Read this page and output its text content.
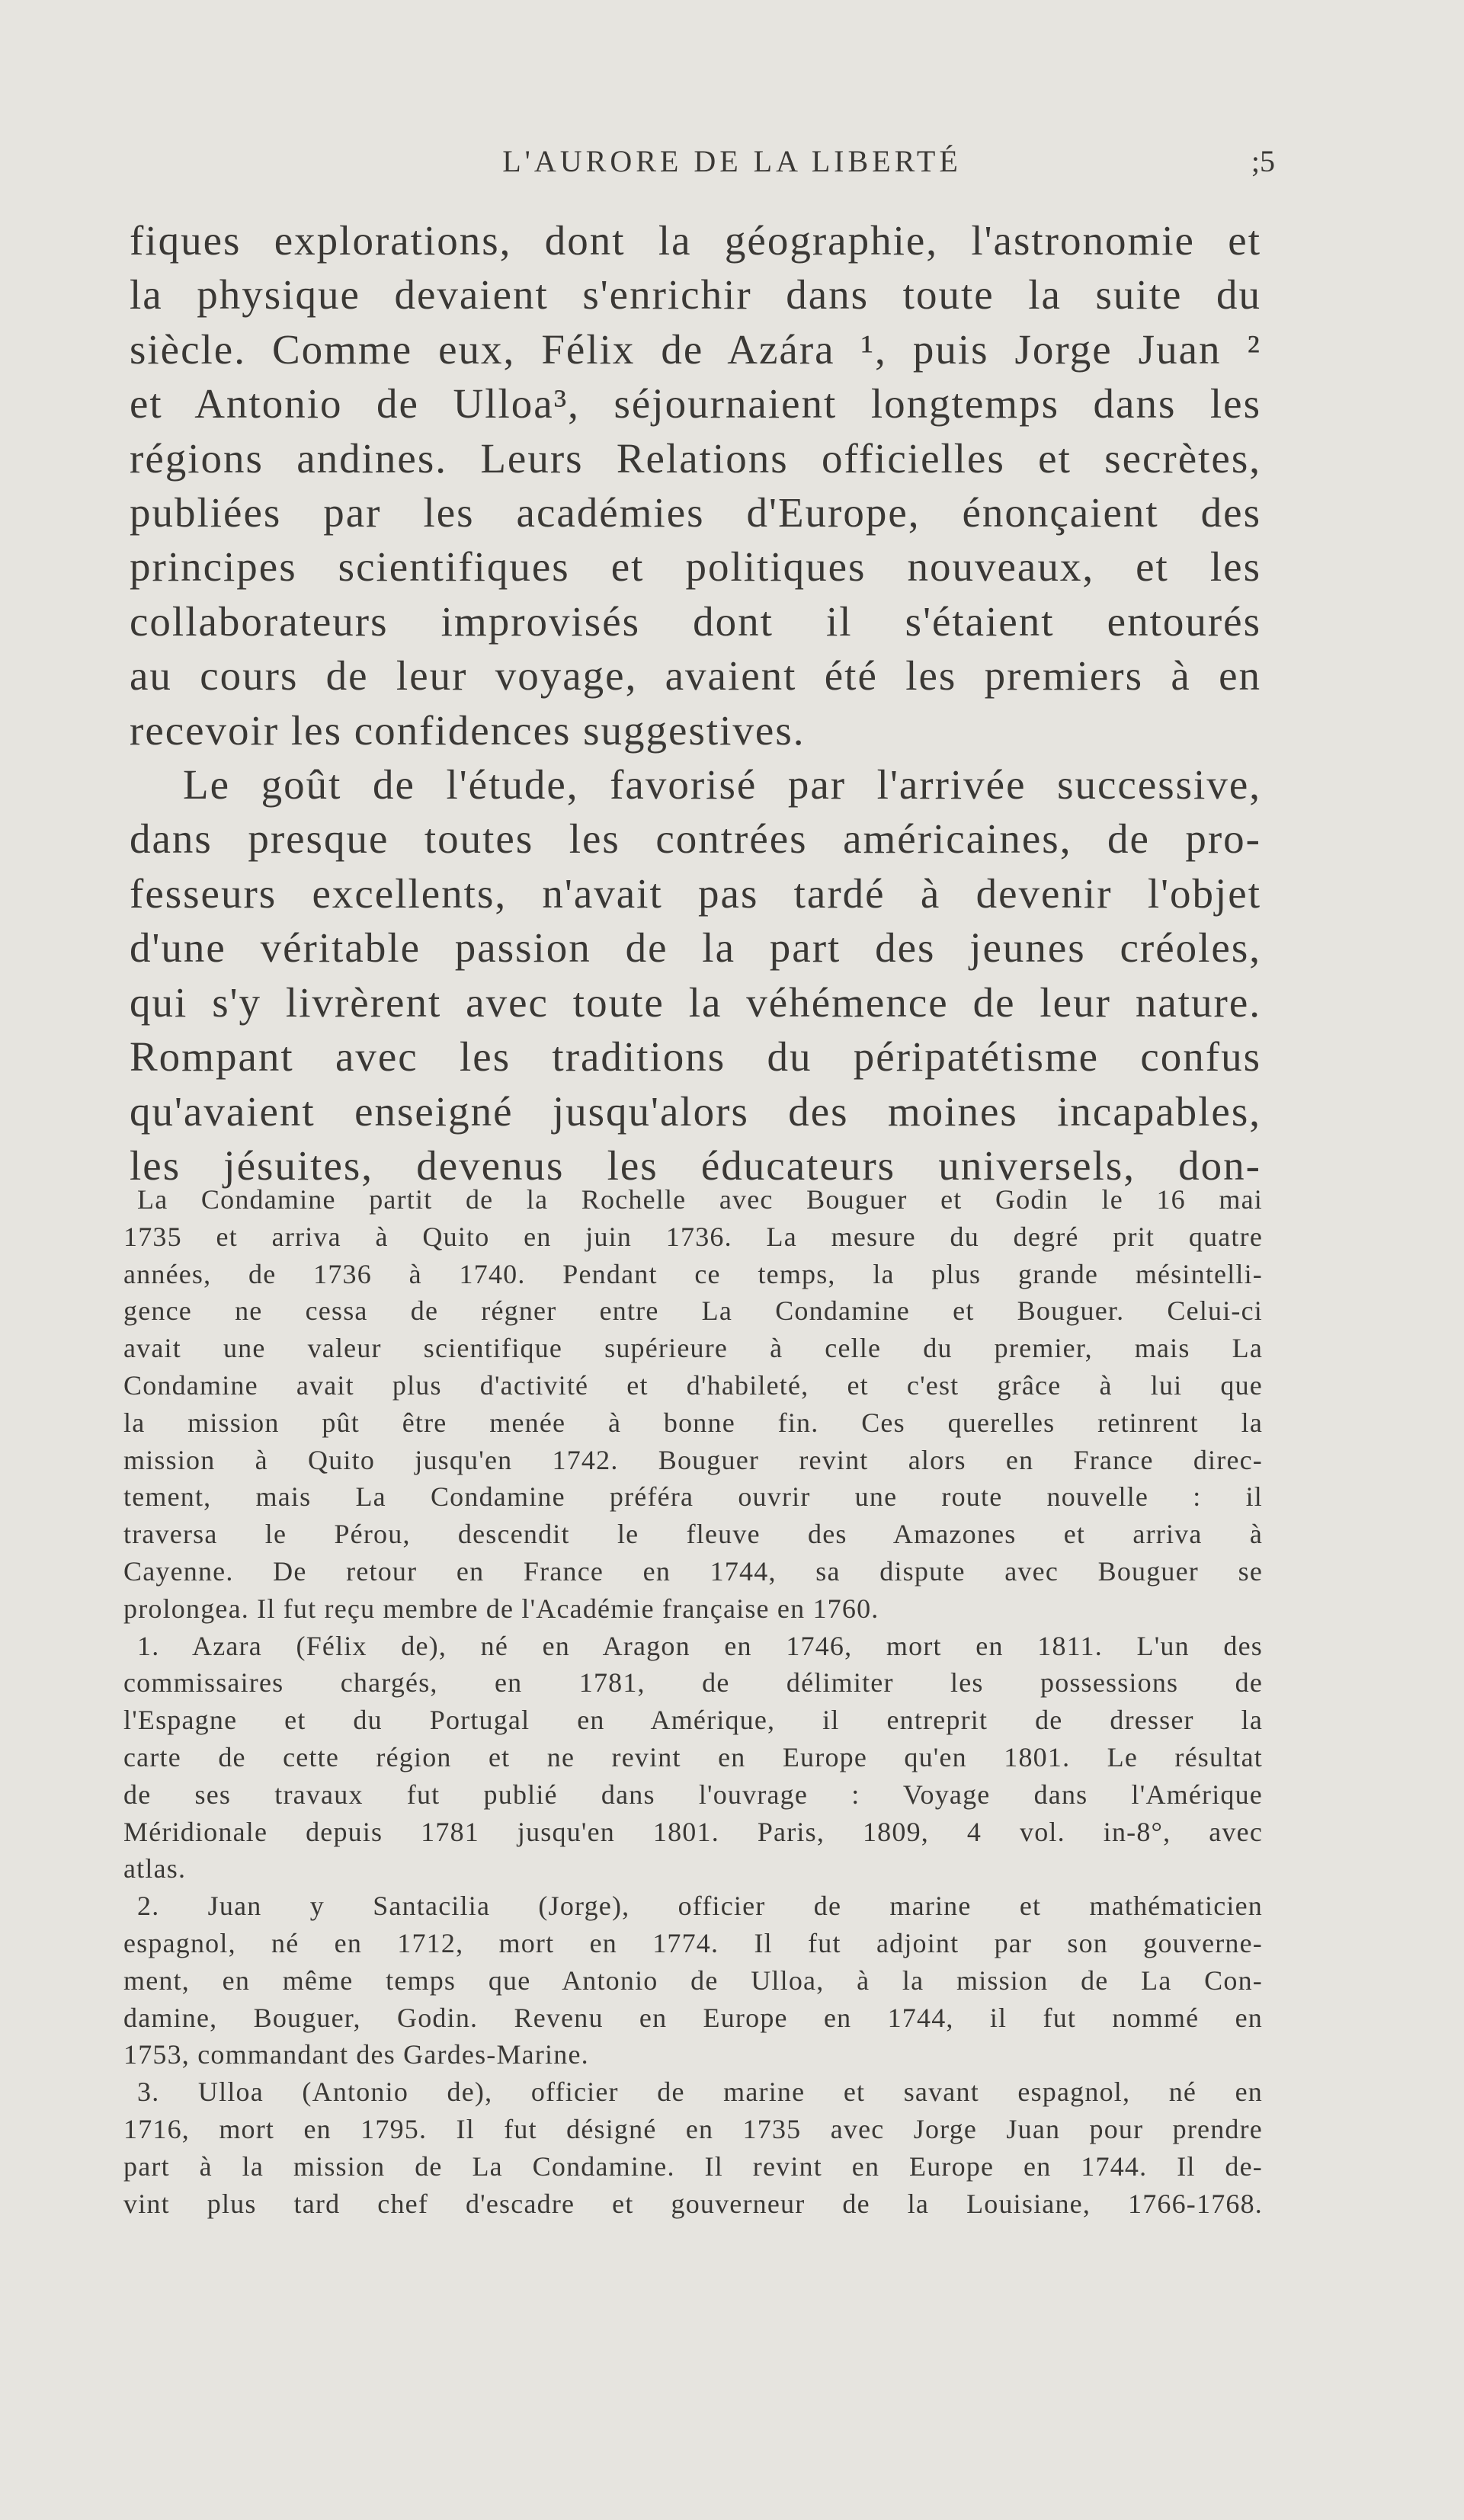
L'AURORE DE LA LIBERTÉ	;5
fiques explorations, dont la géographie, l'astronomie et
la physique devaient s'enrichir dans toute la suite du
siècle. Comme eux, Félix de Azára ¹, puis Jorge Juan ²
et Antonio de Ulloa³, séjournaient longtemps dans les
régions andines. Leurs Relations officielles et secrètes,
publiées par les académies d'Europe, énonçaient des
principes scientifiques et politiques nouveaux, et les
collaborateurs improvisés dont il s'étaient entourés
au cours de leur voyage, avaient été les premiers à en
recevoir les confidences suggestives.
Le goût de l'étude, favorisé par l'arrivée successive,
dans presque toutes les contrées américaines, de pro-
fesseurs excellents, n'avait pas tardé à devenir l'objet
d'une véritable passion de la part des jeunes créoles,
qui s'y livrèrent avec toute la véhémence de leur nature.
Rompant avec les traditions du péripatétisme confus
qu'avaient enseigné jusqu'alors des moines incapables,
les jésuites, devenus les éducateurs universels, don-
La Condamine partit de la Rochelle avec Bouguer et Godin le 16 mai
1735 et arriva à Quito en juin 1736. La mesure du degré prit quatre
années, de 1736 à 1740. Pendant ce temps, la plus grande mésintelli-
gence ne cessa de régner entre La Condamine et Bouguer. Celui-ci
avait une valeur scientifique supérieure à celle du premier, mais La
Condamine avait plus d'activité et d'habileté, et c'est grâce à lui que
la mission pût être menée à bonne fin. Ces querelles retinrent la
mission à Quito jusqu'en 1742. Bouguer revint alors en France direc-
tement, mais La Condamine préféra ouvrir une route nouvelle : il
traversa le Pérou, descendit le fleuve des Amazones et arriva à
Cayenne. De retour en France en 1744, sa dispute avec Bouguer se
prolongea. Il fut reçu membre de l'Académie française en 1760.
1. Azara (Félix de), né en Aragon en 1746, mort en 1811. L'un des
commissaires chargés, en 1781, de délimiter les possessions de
l'Espagne et du Portugal en Amérique, il entreprit de dresser la
carte de cette région et ne revint en Europe qu'en 1801. Le résultat
de ses travaux fut publié dans l'ouvrage : Voyage dans l'Amérique
Méridionale depuis 1781 jusqu'en 1801. Paris, 1809, 4 vol. in-8°, avec
atlas.
2. Juan y Santacilia (Jorge), officier de marine et mathématicien
espagnol, né en 1712, mort en 1774. Il fut adjoint par son gouverne-
ment, en même temps que Antonio de Ulloa, à la mission de La Con-
damine, Bouguer, Godin. Revenu en Europe en 1744, il fut nommé en
1753, commandant des Gardes-Marine.
3. Ulloa (Antonio de), officier de marine et savant espagnol, né en
1716, mort en 1795. Il fut désigné en 1735 avec Jorge Juan pour prendre
part à la mission de La Condamine. Il revint en Europe en 1744. Il de-
vint plus tard chef d'escadre et gouverneur de la Louisiane, 1766-1768.
